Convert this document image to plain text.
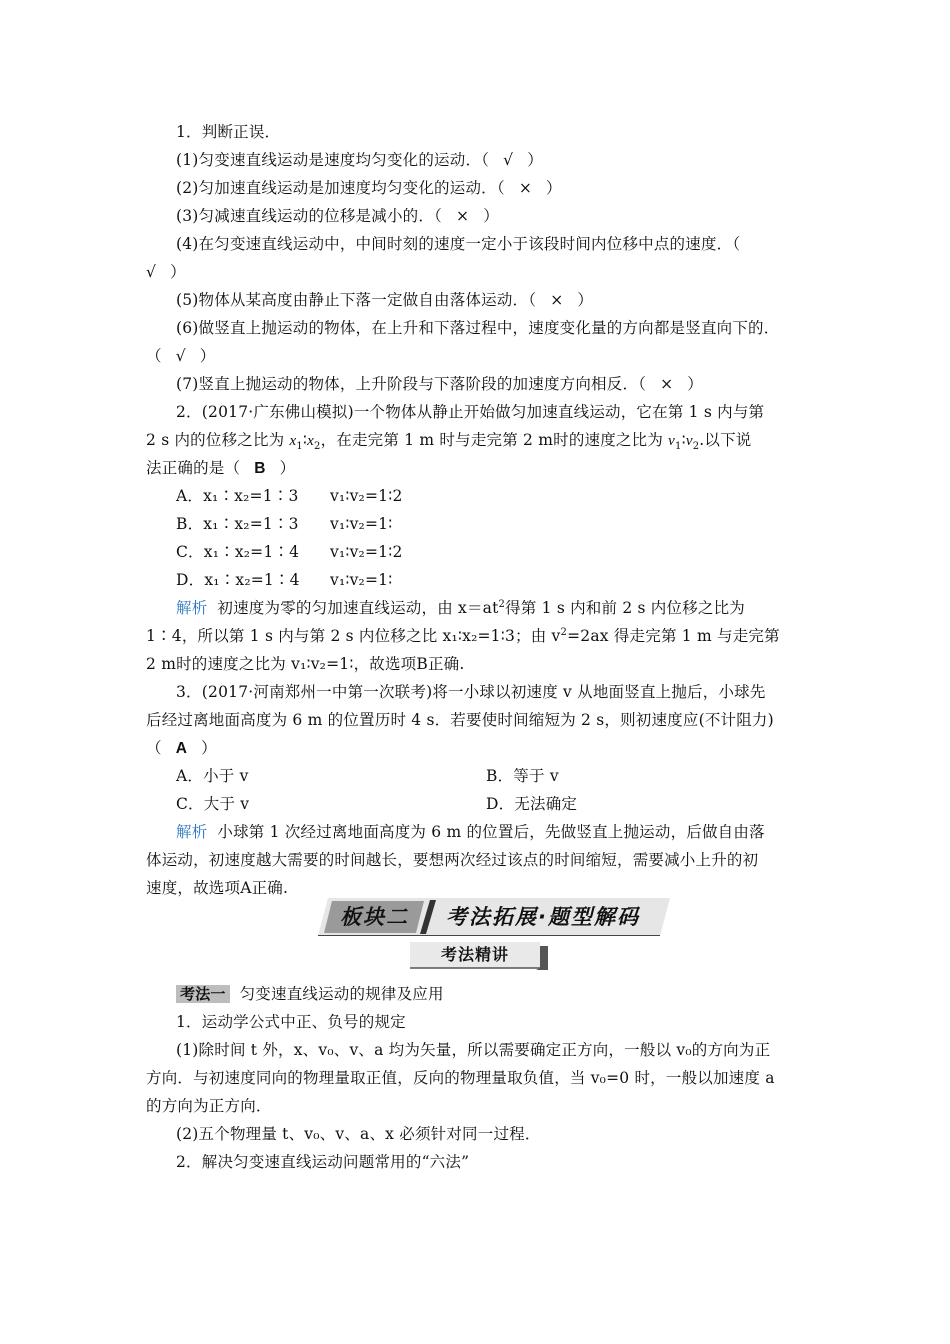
1．判断正误．
(1)匀变速直线运动是速度均匀变化的运动．（ √ ）
(2)匀加速直线运动是加速度均匀变化的运动．（ × ）
(3)匀减速直线运动的位移是减小的．（ × ）
(4)在匀变速直线运动中，中间时刻的速度一定小于该段时间内位移中点的速度．（
√ ）
(5)物体从某高度由静止下落一定做自由落体运动．（ × ）
(6)做竖直上抛运动的物体，在上升和下落过程中，速度变化量的方向都是竖直向下的．
（ √ ）
(7)竖直上抛运动的物体，上升阶段与下落阶段的加速度方向相反．（ × ）
2．(2017·广东佛山模拟)一个物体从静止开始做匀加速直线运动，它在第 1 s 内与第
2 s 内的位移之比为 $x_1∶x_2$，在走完第 1 m 时与走完第 2 m时的速度之比为 $v_1∶v_2$.以下说
法正确的是（ B ）
A．x₁∶x₂=1∶3 v₁∶v₂=1∶2
B．x₁∶x₂=1∶3 v₁∶v₂=1∶
C．x₁∶x₂=1∶4 v₁∶v₂=1∶2
D．x₁∶x₂=1∶4 v₁∶v₂=1∶
解析 初速度为零的匀加速直线运动，由 $x=at^2$得第 1 s 内和前 2 s 内位移之比为
1∶4，所以第 1 s 内与第 2 s 内位移之比 x₁∶x₂=1∶3；由 $v^2=2ax$ 得走完第 1 m 与走完第
2 m时的速度之比为 v₁∶v₂=1∶，故选项B正确.
3．(2017·河南郑州一中第一次联考)将一小球以初速度 v 从地面竖直上抛后，小球先
后经过离地面高度为 6 m 的位置历时 4 s．若要使时间缩短为 2 s，则初速度应(不计阻力)
（ A ）
A．小于 v	B．等于 v
C．大于 v	D．无法确定
解析 小球第 1 次经过离地面高度为 6 m 的位置后，先做竖直上抛运动，后做自由落
体运动，初速度越大需要的时间越长，要想两次经过该点的时间缩短，需要减小上升的初
速度，故选项A正确.
板块二 考法拓展·题型解码
考法精讲
考法一 匀变速直线运动的规律及应用
1．运动学公式中正、负号的规定
(1)除时间 t 外，x、v₀、v、a 均为矢量，所以需要确定正方向，一般以 v₀的方向为正
方向．与初速度同向的物理量取正值，反向的物理量取负值，当 v₀=0 时，一般以加速度 a
的方向为正方向．
(2)五个物理量 t、v₀、v、a、x 必须针对同一过程．
2．解决匀变速直线运动问题常用的“六法”
